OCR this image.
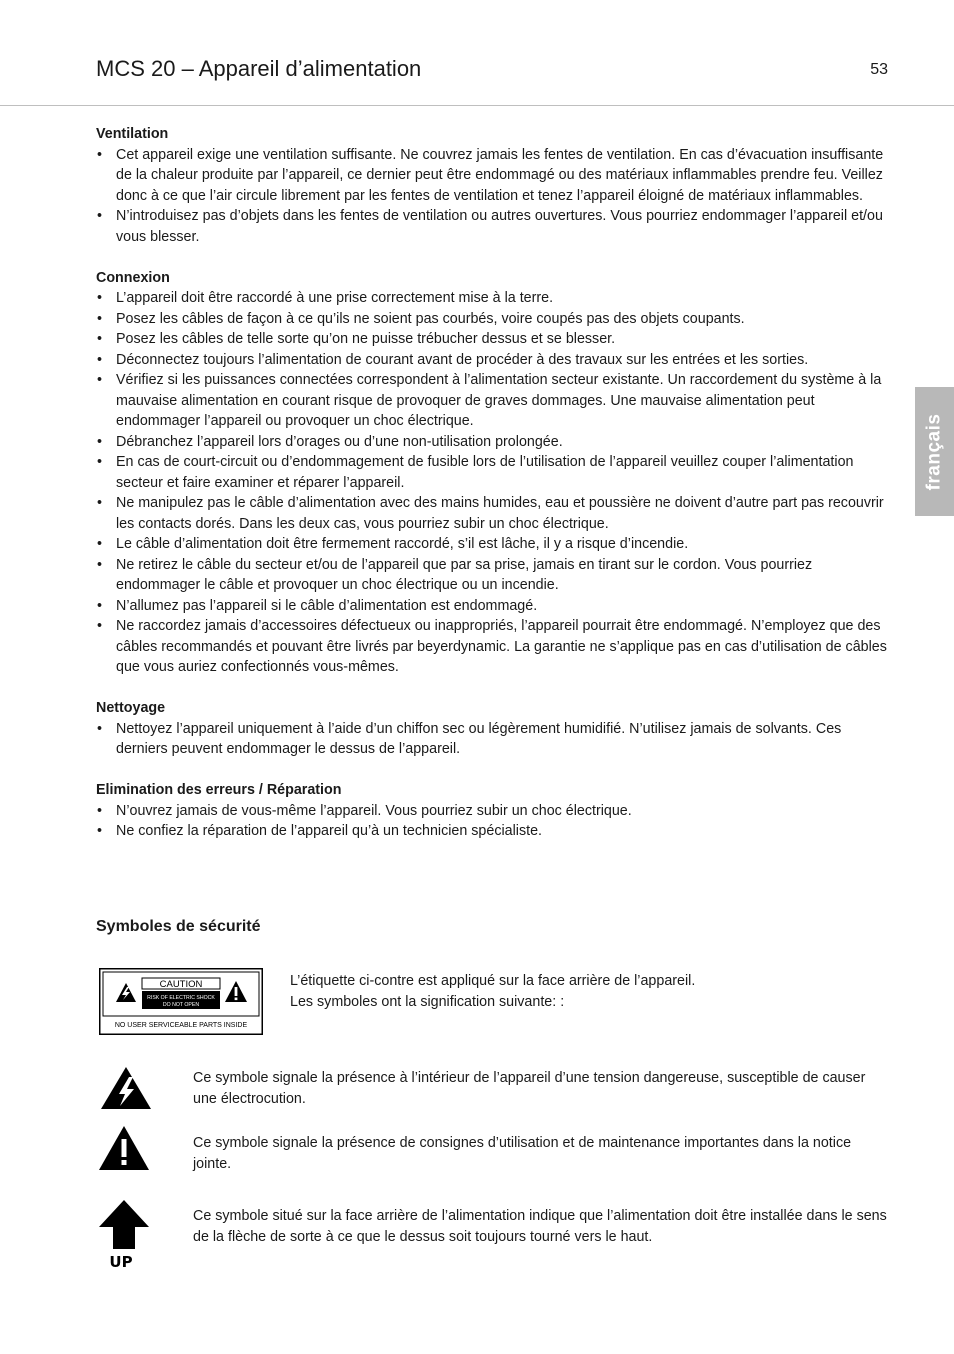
MCS 20 – Appareil d’alimentation	53
français
Ventilation
• Cet appareil exige une ventilation suffisante. Ne couvrez jamais les fentes de ventilation. En cas d’évacuation insuffisante de la chaleur produite par l’appareil, ce dernier peut être endommagé ou des matériaux inflammables prendre feu. Veillez donc à ce que l’air circule librement par les fentes de ventilation et tenez l’appareil éloigné de matériaux inflammables.
• N’introduisez pas d’objets dans les fentes de ventilation ou autres ouvertures. Vous pourriez endommager l’appareil et/ou vous blesser.
Connexion
• L’appareil doit être raccordé à une prise correctement mise à la terre.
• Posez les câbles de façon à ce qu’ils ne soient pas courbés, voire coupés pas des objets coupants.
• Posez les câbles de telle sorte qu’on ne puisse trébucher dessus et se blesser.
• Déconnectez toujours l’alimentation de courant avant de procéder à des travaux sur les entrées et les sorties.
• Vérifiez si les puissances connectées correspondent à l’alimentation secteur existante. Un raccordement du système à la mauvaise alimentation en courant risque de provoquer de graves dommages. Une mauvaise alimentation peut endommager l’appareil ou provoquer un choc électrique.
• Débranchez l’appareil lors d’orages ou d’une non-utilisation prolongée.
• En cas de court-circuit ou d’endommagement de fusible lors de l’utilisation de l’appareil veuillez couper l’alimentation secteur et faire examiner et réparer l’appareil.
• Ne manipulez pas le câble d’alimentation avec des mains humides, eau et poussière ne doivent d’autre part pas recouvrir les contacts dorés. Dans les deux cas, vous pourriez subir un choc électrique.
• Le câble d’alimentation doit être fermement raccordé, s’il est lâche, il y a risque d’incendie.
• Ne retirez le câble du secteur et/ou de l’appareil que par sa prise, jamais en tirant sur le cordon. Vous pourriez endommager le câble et provoquer un choc électrique ou un incendie.
• N’allumez pas l’appareil si le câble d’alimentation est endommagé.
• Ne raccordez jamais d’accessoires défectueux ou inappropriés, l’appareil pourrait être endommagé. N’employez que des câbles recommandés et pouvant être livrés par beyerdynamic. La garantie ne s’applique pas en cas d’utilisation de câbles que vous auriez confectionnés vous-mêmes.
Nettoyage
• Nettoyez l’appareil uniquement à l’aide d’un chiffon sec ou légèrement humidifié. N’utilisez jamais de solvants. Ces derniers peuvent endommager le dessus de l’appareil.
Elimination des erreurs / Réparation
• N’ouvrez jamais de vous-même l’appareil. Vous pourriez subir un choc électrique.
• Ne confiez la réparation de l’appareil qu’à un technicien spécialiste.
Symboles de sécurité
CAUTION
RISK OF ELECTRIC SHOCK
DO NOT OPEN
NO USER SERVICEABLE PARTS INSIDE
L’étiquette ci-contre est appliqué sur la face arrière de l’appareil.
Les symboles ont la signification suivante: :
Ce symbole signale la présence à l’intérieur de l’appareil d’une tension dangereuse, susceptible de causer une électrocution.
Ce symbole signale la présence de consignes d’utilisation et de maintenance importantes dans la notice jointe.
UP
Ce symbole situé sur la face arrière de l’alimentation indique que l’alimentation doit être installée dans le sens de la flèche de sorte à ce que le dessus soit toujours tourné vers le haut.
